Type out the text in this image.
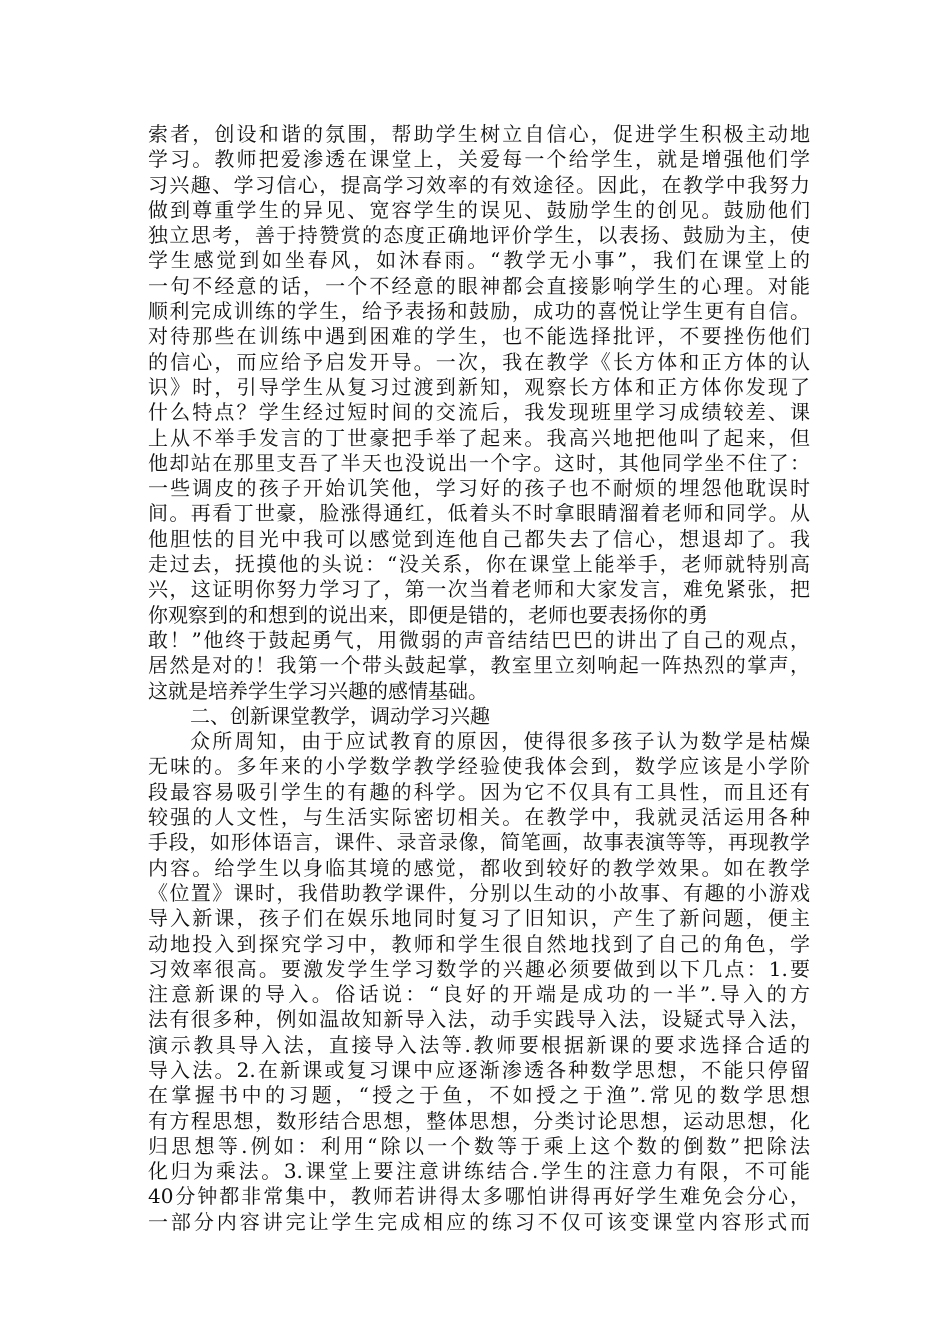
索者，创设和谐的氛围，帮助学生树立自信心，促进学生积极主动地
学习。教师把爱渗透在课堂上，关爱每一个给学生，就是增强他们学
习兴趣、学习信心，提高学习效率的有效途径。因此，在教学中我努力
做到尊重学生的异见、宽容学生的误见、鼓励学生的创见。鼓励他们
独立思考，善于持赞赏的态度正确地评价学生，以表扬、鼓励为主，使
学生感觉到如坐春风，如沐春雨。“教学无小事”，我们在课堂上的
一句不经意的话，一个不经意的眼神都会直接影响学生的心理。对能
顺利完成训练的学生，给予表扬和鼓励，成功的喜悦让学生更有自信。
对待那些在训练中遇到困难的学生，也不能选择批评，不要挫伤他们
的信心，而应给予启发开导。一次，我在教学《长方体和正方体的认
识》时，引导学生从复习过渡到新知，观察长方体和正方体你发现了
什么特点？学生经过短时间的交流后，我发现班里学习成绩较差、课
上从不举手发言的丁世豪把手举了起来。我高兴地把他叫了起来，但
他却站在那里支吾了半天也没说出一个字。这时，其他同学坐不住了：
一些调皮的孩子开始讥笑他，学习好的孩子也不耐烦的埋怨他耽误时
间。再看丁世豪，脸涨得通红，低着头不时拿眼睛溜着老师和同学。从
他胆怯的目光中我可以感觉到连他自己都失去了信心，想退却了。我
走过去，抚摸他的头说：“没关系，你在课堂上能举手，老师就特别高
兴，这证明你努力学习了，第一次当着老师和大家发言，难免紧张，把
你观察到的和想到的说出来，即便是错的，老师也要表扬你的勇
敢！”他终于鼓起勇气，用微弱的声音结结巴巴的讲出了自己的观点，
居然是对的！我第一个带头鼓起掌，教室里立刻响起一阵热烈的掌声，
这就是培养学生学习兴趣的感情基础。
二、创新课堂教学，调动学习兴趣
众所周知，由于应试教育的原因，使得很多孩子认为数学是枯燥
无味的。多年来的小学数学教学经验使我体会到，数学应该是小学阶
段最容易吸引学生的有趣的科学。因为它不仅具有工具性，而且还有
较强的人文性，与生活实际密切相关。在教学中，我就灵活运用各种
手段，如形体语言，课件、录音录像，简笔画，故事表演等等，再现教学
内容。给学生以身临其境的感觉，都收到较好的教学效果。如在教学
《位置》课时，我借助教学课件，分别以生动的小故事、有趣的小游戏
导入新课，孩子们在娱乐地同时复习了旧知识，产生了新问题，便主
动地投入到探究学习中，教师和学生很自然地找到了自己的角色，学
习效率很高。要激发学生学习数学的兴趣必须要做到以下几点：1.要
注意新课的导入。俗话说：“良好的开端是成功的一半”.导入的方
法有很多种，例如温故知新导入法，动手实践导入法，设疑式导入法，
演示教具导入法，直接导入法等.教师要根据新课的要求选择合适的
导入法。2.在新课或复习课中应逐渐渗透各种数学思想，不能只停留
在掌握书中的习题，“授之于鱼，不如授之于渔”.常见的数学思想
有方程思想，数形结合思想，整体思想，分类讨论思想，运动思想，化
归思想等.例如：利用“除以一个数等于乘上这个数的倒数”把除法
化归为乘法。3.课堂上要注意讲练结合.学生的注意力有限，不可能
40分钟都非常集中，教师若讲得太多哪怕讲得再好学生难免会分心，
一部分内容讲完让学生完成相应的练习不仅可该变课堂内容形式而
